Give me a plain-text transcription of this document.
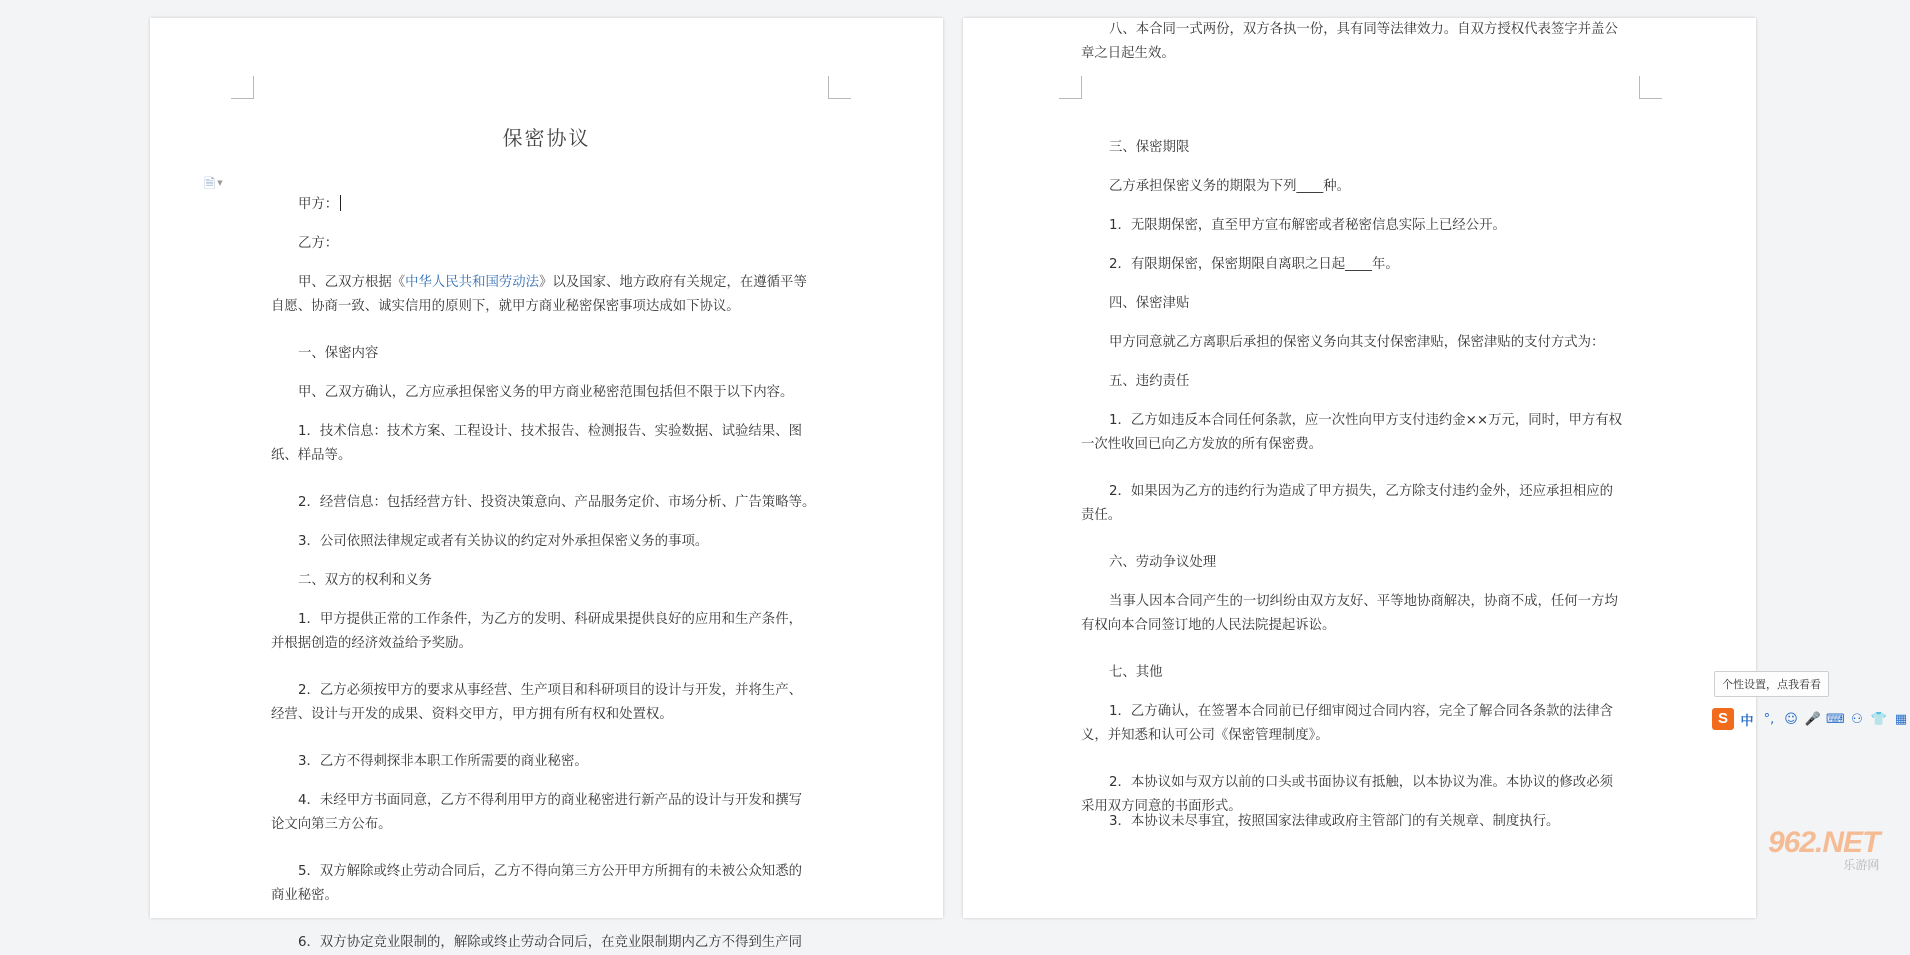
🗎 ▼
保密协议

甲方：

乙方：

甲、乙双方根据《中华人民共和国劳动法》以及国家、地方政府有关规定，在遵循平等
自愿、协商一致、诚实信用的原则下，就甲方商业秘密保密事项达成如下协议。

一、保密内容

甲、乙双方确认，乙方应承担保密义务的甲方商业秘密范围包括但不限于以下内容。

1．技术信息：技术方案、工程设计、技术报告、检测报告、实验数据、试验结果、图
纸、样品等。

2．经营信息：包括经营方针、投资决策意向、产品服务定价、市场分析、广告策略等。

3．公司依照法律规定或者有关协议的约定对外承担保密义务的事项。

二、双方的权利和义务

1．甲方提供正常的工作条件，为乙方的发明、科研成果提供良好的应用和生产条件，
并根据创造的经济效益给予奖励。

2．乙方必须按甲方的要求从事经营、生产项目和科研项目的设计与开发，并将生产、
经营、设计与开发的成果、资料交甲方，甲方拥有所有权和处置权。

3．乙方不得刺探非本职工作所需要的商业秘密。

4．未经甲方书面同意，乙方不得利用甲方的商业秘密进行新产品的设计与开发和撰写
论文向第三方公布。

5．双方解除或终止劳动合同后，乙方不得向第三方公开甲方所拥有的未被公众知悉的
商业秘密。

6．双方协定竞业限制的，解除或终止劳动合同后，在竞业限制期内乙方不得到生产同

三、保密期限

乙方承担保密义务的期限为下列____种。

1．无限期保密，直至甲方宣布解密或者秘密信息实际上已经公开。

2．有限期保密，保密期限自离职之日起____年。

四、保密津贴

甲方同意就乙方离职后承担的保密义务向其支付保密津贴，保密津贴的支付方式为：

五、违约责任

1．乙方如违反本合同任何条款，应一次性向甲方支付违约金××万元，同时，甲方有权
一次性收回已向乙方发放的所有保密费。

2．如果因为乙方的违约行为造成了甲方损失，乙方除支付违约金外，还应承担相应的
责任。

六、劳动争议处理

当事人因本合同产生的一切纠纷由双方友好、平等地协商解决，协商不成，任何一方均
有权向本合同签订地的人民法院提起诉讼。

七、其他

1．乙方确认，在签署本合同前已仔细审阅过合同内容，完全了解合同各条款的法律含
义，并知悉和认可公司《保密管理制度》。

2．本协议如与双方以前的口头或书面协议有抵触，以本协议为准。本协议的修改必须
采用双方同意的书面形式。

3．本协议未尽事宜，按照国家法律或政府主管部门的有关规章、制度执行。

八、本合同一式两份，双方各执一份，具有同等法律效力。自双方授权代表签字并盖公
章之日起生效。

个性设置，点我看看
S 中 °, ☺ 🎤 ⌨ ⚇ 👕 ▦
962.NET
乐游网
